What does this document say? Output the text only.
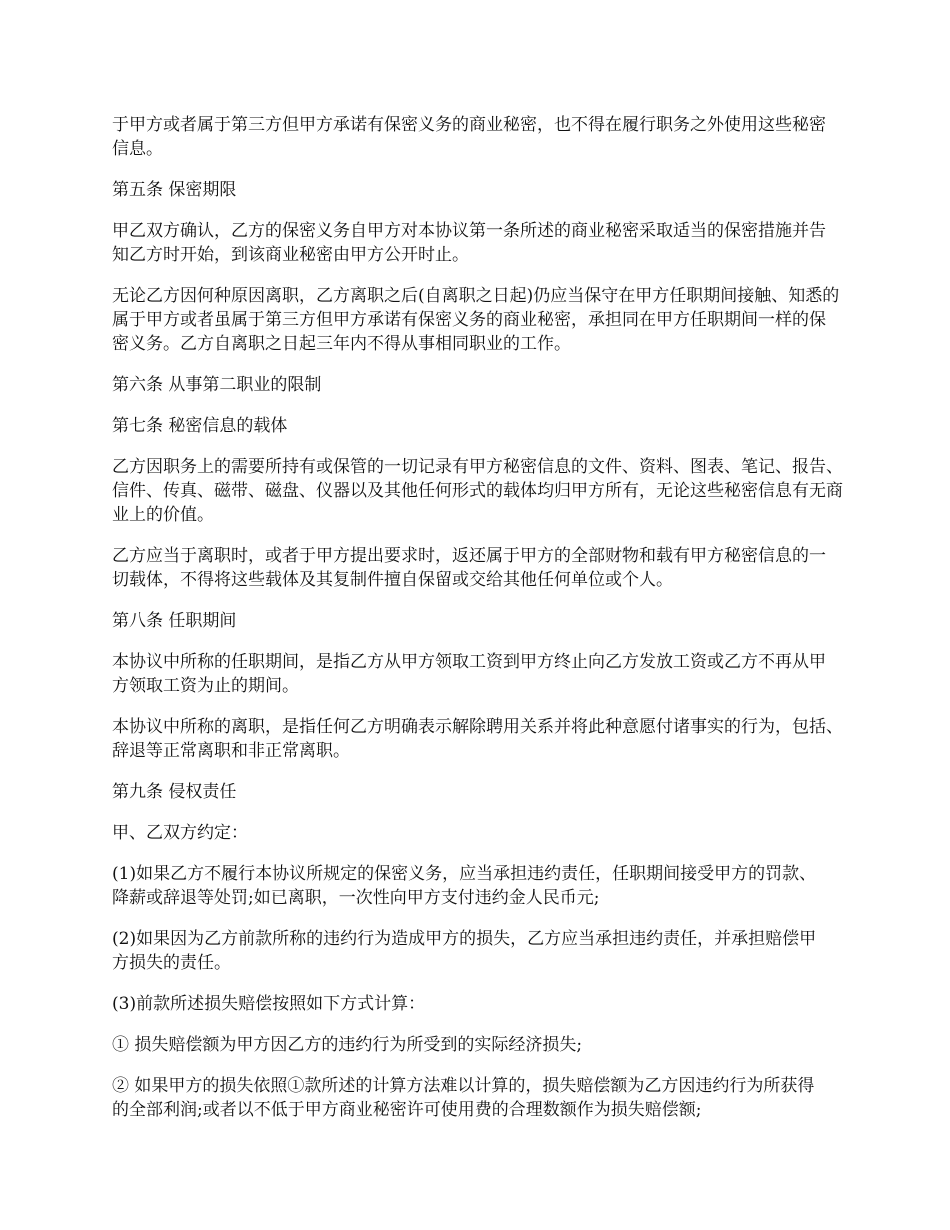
于甲方或者属于第三方但甲方承诺有保密义务的商业秘密，也不得在履行职务之外使用这些秘密信息。

第五条 保密期限

甲乙双方确认，乙方的保密义务自甲方对本协议第一条所述的商业秘密采取适当的保密措施并告知乙方时开始，到该商业秘密由甲方公开时止。

无论乙方因何种原因离职，乙方离职之后(自离职之日起)仍应当保守在甲方任职期间接触、知悉的属于甲方或者虽属于第三方但甲方承诺有保密义务的商业秘密，承担同在甲方任职期间一样的保密义务。乙方自离职之日起三年内不得从事相同职业的工作。

第六条 从事第二职业的限制

第七条 秘密信息的载体

乙方因职务上的需要所持有或保管的一切记录有甲方秘密信息的文件、资料、图表、笔记、报告、信件、传真、磁带、磁盘、仪器以及其他任何形式的载体均归甲方所有，无论这些秘密信息有无商业上的价值。

乙方应当于离职时，或者于甲方提出要求时，返还属于甲方的全部财物和载有甲方秘密信息的一切载体，不得将这些载体及其复制件擅自保留或交给其他任何单位或个人。

第八条 任职期间

本协议中所称的任职期间，是指乙方从甲方领取工资到甲方终止向乙方发放工资或乙方不再从甲方领取工资为止的期间。

本协议中所称的离职，是指任何乙方明确表示解除聘用关系并将此种意愿付诸事实的行为，包括、辞退等正常离职和非正常离职。

第九条 侵权责任

甲、乙双方约定：

(1)如果乙方不履行本协议所规定的保密义务，应当承担违约责任，任职期间接受甲方的罚款、降薪或辞退等处罚;如已离职，一次性向甲方支付违约金人民币元;

(2)如果因为乙方前款所称的违约行为造成甲方的损失，乙方应当承担违约责任，并承担赔偿甲方损失的责任。

(3)前款所述损失赔偿按照如下方式计算：

① 损失赔偿额为甲方因乙方的违约行为所受到的实际经济损失;

② 如果甲方的损失依照①款所述的计算方法难以计算的，损失赔偿额为乙方因违约行为所获得的全部利润;或者以不低于甲方商业秘密许可使用费的合理数额作为损失赔偿额;
